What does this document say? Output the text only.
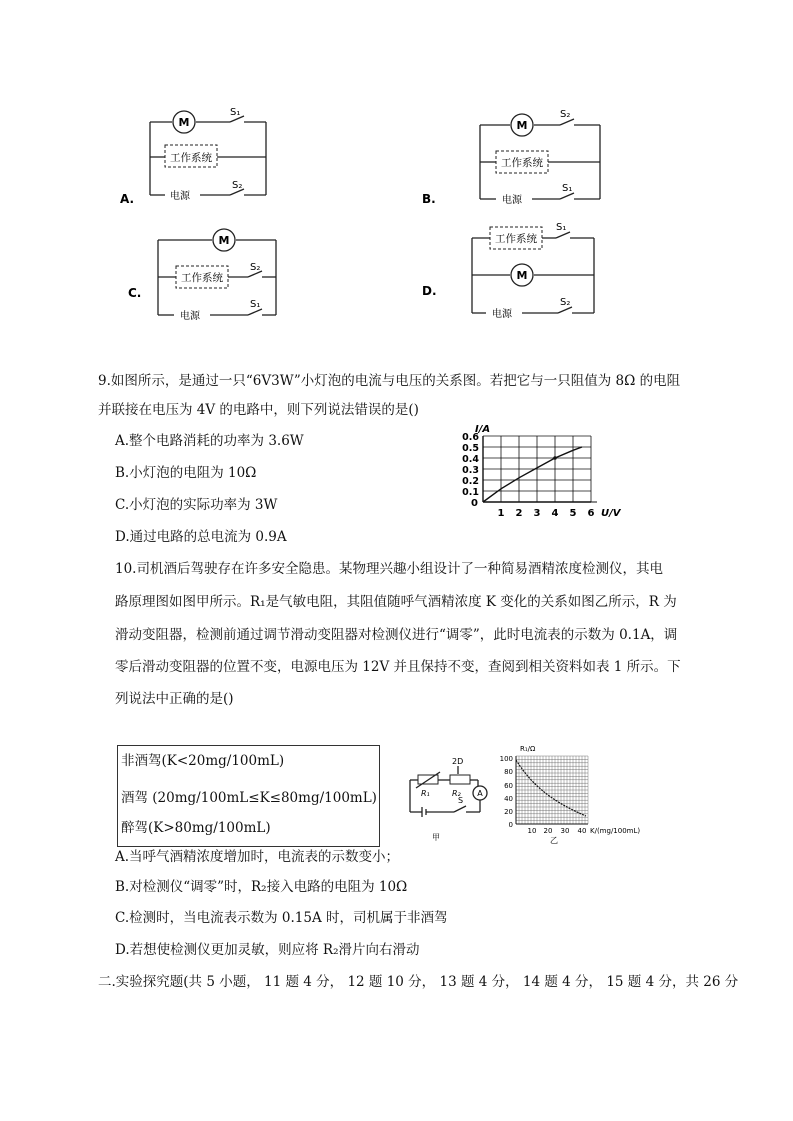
M
S₁
工作系统
电源
S₂
A.
M
S₂
工作系统
电源
S₁
B.
M
工作系统
S₂
电源
S₁
C.
工作系统
S₁
M
电源
S₂
D.
9.如图所示，是通过一只“6V3W”小灯泡的电流与电压的关系图。若把它与一只阻值为 8Ω 的电阻
并联接在电压为 4V 的电路中，则下列说法错误的是()
A.整个电路消耗的功率为 3.6W
B.小灯泡的电阻为 10Ω
C.小灯泡的实际功率为 3W
D.通过电路的总电流为 0.9A
1 2 3 4 5 6
0.6
0.5
0.4
0.3
0.2
0.1
I/A
U/V
0
10.司机酒后驾驶存在许多安全隐患。某物理兴趣小组设计了一种简易酒精浓度检测仪，其电
路原理图如图甲所示。R₁是气敏电阻，其阻值随呼气酒精浓度 K 变化的关系如图乙所示，R 为
滑动变阻器，检测前通过调节滑动变阻器对检测仪进行“调零”，此时电流表的示数为 0.1A，调
零后滑动变阻器的位置不变，电源电压为 12V 并且保持不变，查阅到相关资料如表 1 所示。下
列说法中正确的是()
非酒驾(K<20mg/100mL)
酒驾 (20mg/100mL≤K≤80mg/100mL)
醉驾(K>80mg/100mL)
R₁
2D
R₂ A
S
甲
R₁/Ω
100
80
60
40
20
0
10 20 30 40 K/(mg/100mL)
乙
A.当呼气酒精浓度增加时，电流表的示数变小；
B.对检测仪“调零”时，R₂接入电路的电阻为 10Ω
C.检测时，当电流表示数为 0.15A 时，司机属于非酒驾
D.若想使检测仪更加灵敏，则应将 R₂滑片向右滑动
二.实验探究题(共 5 小题， 11 题 4 分， 12 题 10 分， 13 题 4 分， 14 题 4 分， 15 题 4 分，共 26 分
